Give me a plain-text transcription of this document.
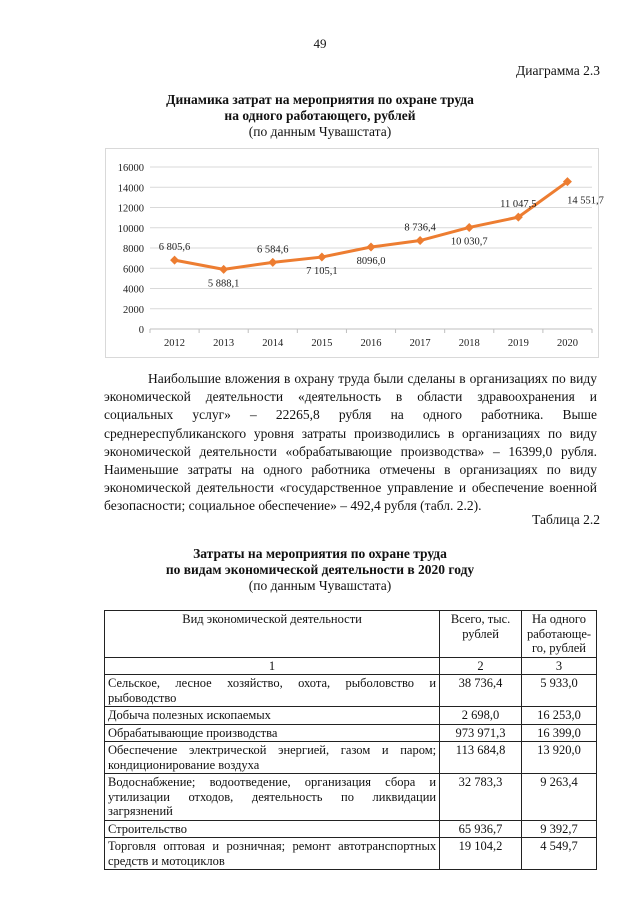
49
Диаграмма 2.3
Динамика затрат на мероприятия по охране труда
на одного работающего, рублей
(по данным Чувашстата)
0
2000
4000
6000
8000
10000
12000
14000
16000
2012	2013	2014	2015	2016	2017	2018	2019	2020
6 805,6
5 888,1
6 584,6
7 105,1
8096,0
8 736,4
10 030,7
11 047,5	14 551,7

Наибольшие вложения в охрану труда были сделаны в организациях по виду экономической деятельности «деятельность в области здравоохранения и социальных услуг» – 22265,8 рубля на одного работника. Выше среднереспубликанского уровня затраты производились в организациях по виду экономической деятельности «обрабатывающие производства» – 16399,0 рубля. Наименьшие затраты на одного работника отмечены в организациях по виду экономической деятельности «государственное управление и обеспечение военной безопасности; социальное обеспечение» – 492,4 рубля (табл. 2.2).

Таблица 2.2
Затраты на мероприятия по охране труда
по видам экономической деятельности в 2020 году
(по данным Чувашстата)
Вид экономической деятельности	Всего, тыс. рублей	На одного работающе-го, рублей
1	2	3
Сельское, лесное хозяйство, охота, рыболовство и рыбоводство	38 736,4	5 933,0
Добыча полезных ископаемых	2 698,0	16 253,0
Обрабатывающие производства	973 971,3	16 399,0
Обеспечение электрической энергией, газом и паром; кондиционирование воздуха	113 684,8	13 920,0
Водоснабжение; водоотведение, организация сбора и утилизации отходов, деятельность по ликвидации загрязнений	32 783,3	9 263,4
Строительство	65 936,7	9 392,7
Торговля оптовая и розничная; ремонт автотранспортных средств и мотоциклов	19 104,2	4 549,7
